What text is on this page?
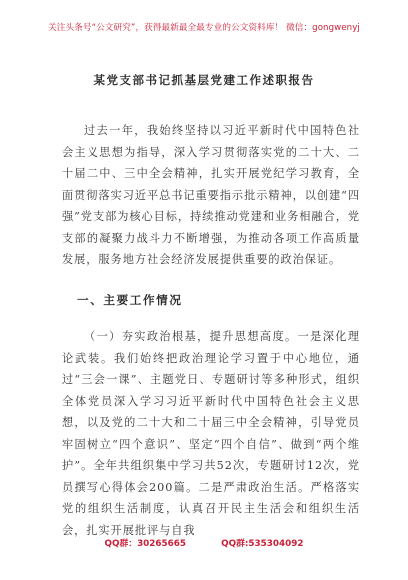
关注头条号“公文研究”，获得最新最全最专业的公文资料库！ 微信：gongwenyj
某党支部书记抓基层党建工作述职报告

过去一年，我始终坚持以习近平新时代中国特色社会主义思想为指导，深入学习贯彻落实党的二十大、二十届二中、三中全会精神，扎实开展党纪学习教育，全面贯彻落实习近平总书记重要指示批示精神，以创建“四强”党支部为核心目标，持续推动党建和业务相融合，党支部的凝聚力战斗力不断增强，为推动各项工作高质量发展，服务地方社会经济发展提供重要的政治保证。

一、主要工作情况

（一）夯实政治根基，提升思想高度。一是深化理论武装。我们始终把政治理论学习置于中心地位，通过“三会一课”、主题党日、专题研讨等多种形式，组织全体党员深入学习习近平新时代中国特色社会主义思想，以及党的二十大和二十届三中全会精神，引导党员牢固树立“四个意识”、坚定“四个自信”、做到“两个维护”。全年共组织集中学习共52次，专题研讨12次，党员撰写心得体会200篇。二是严肃政治生活。严格落实党的组织生活制度，认真召开民主生活会和组织生活会，扎实开展批评与自我

QQ群：30265665	QQ群:535304092
